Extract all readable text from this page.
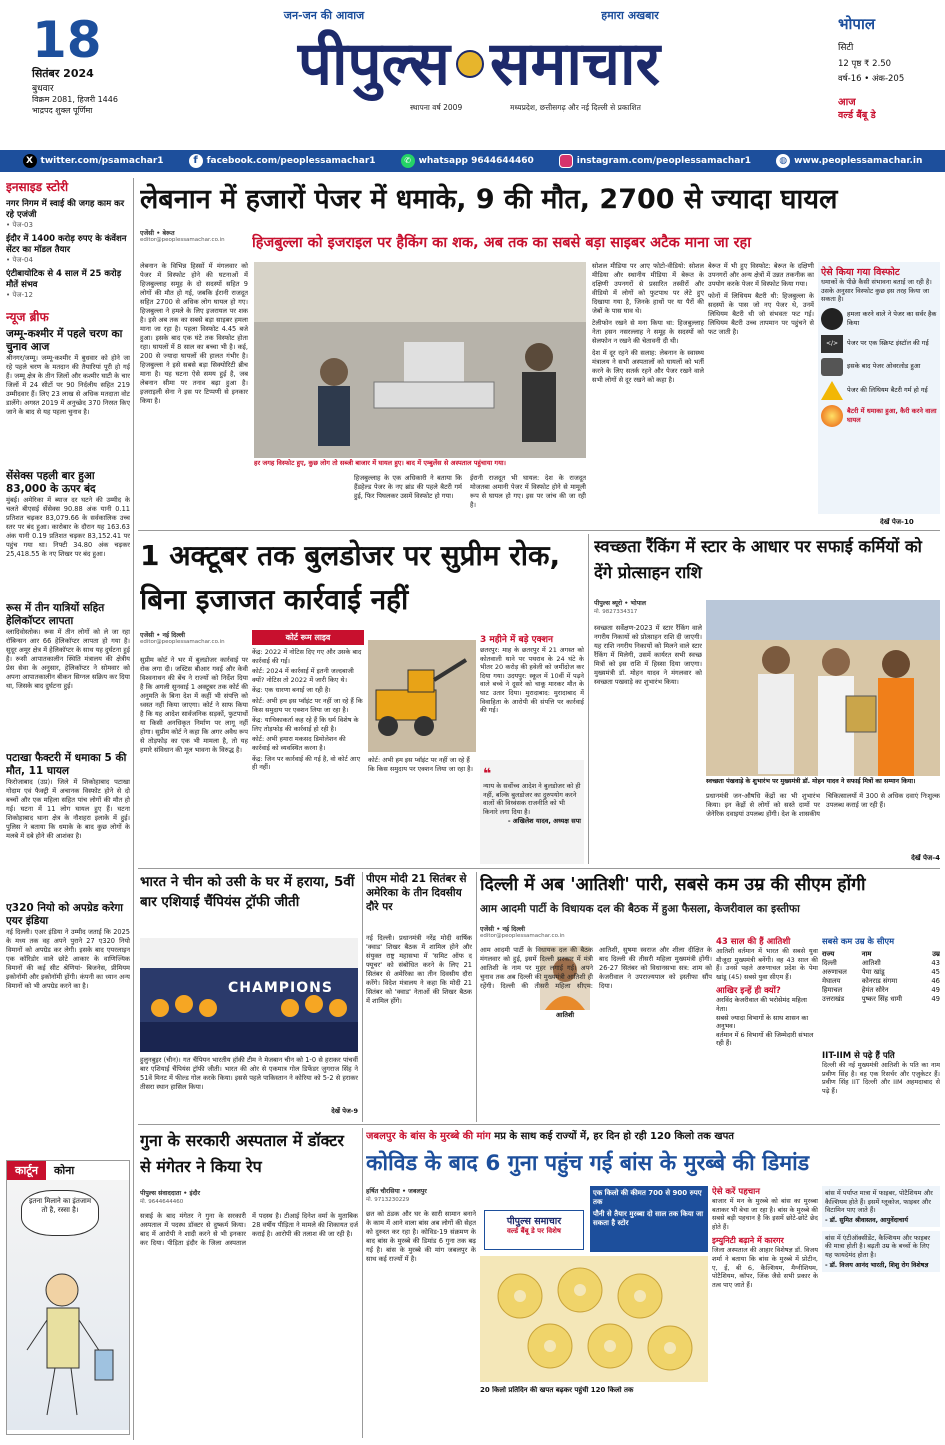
18
सितंबर 2024
बुधवार
विक्रम 2081, हिजरी 1446
भाद्रपद शुक्ल पूर्णिमा
जन-जन की आवाज	हमारा अखबार
पीपुल्स समाचार
स्थापना वर्ष 2009	मध्यप्रदेश, छत्तीसगढ़ और नई दिल्ली से प्रकाशित
भोपाल
सिटी
12 पृष्ठ ₹ 2.50
वर्ष-16 • अंक-205
आज
वर्ल्ड बैंबू डे
X twitter.com/psamachar1	f facebook.com/peoplessamachar1	✆ whatsapp 9644644460	instagram.com/peoplessamachar1	◍ www.peoplessamachar.in
इनसाइड स्टोरी
नगर निगम में स्वाई की जगह काम कर रहे एजंजी
• पेज-03
ईदौर में 1400 करोड़ रुपए के कंवेंशन सेंटर का मॉडल तैयार
• पेज-04
एंटीबायोटिक से 4 साल में 25 करोड़ मौतें संभव
• पेज-12
न्यूज ब्रीफ
जम्मू-कश्मीर में पहले चरण का चुनाव आज
श्रीनगर/जम्मू। जम्मू-कश्मीर में बुधवार को होने जा रहे पहले चरण के मतदान की तैयारियां पूरी हो गई हैं। जम्मू क्षेत्र के तीन जिलों और कश्मीर घाटी के चार जिलों में 24 सीटों पर 90 निर्दलीय सहित 219 उम्मीदवार हैं। लिए 23 लाख से अधिक मतदाता वोट डालेंगे। अगस्त 2019 में अनुच्छेद 370 निरस्त किए जाने के बाद से यह पहला चुनाव है।
सेंसेक्स पहली बार हुआ 83,000 के ऊपर बंद
मुंबई। अमेरिका में ब्याज दर घटने की उम्मीद के चलते बीएसई सेंसेक्स 90.88 अंक यानी 0.11 प्रतिशत चढ़कर 83,079.66 के सर्वकालिक उच्च स्तर पर बंद हुआ। कारोबार के दौरान यह 163.63 अंक यानी 0.19 प्रतिशत चढ़कर 83,152.41 पर पहुंच गया था। निफ्टी 34.80 अंक चढ़कर 25,418.55 के नए शिखर पर बंद हुआ।
रूस में तीन यात्रियों सहित हेलिकॉप्टर लापता
व्लादिवोस्तोक। रूस में तीन लोगों को ले जा रहा रॉबिन्सन आर 66 हेलिकॉप्टर लापता हो गया है। सुदूर अमूर क्षेत्र में हेलिकॉप्टर के साथ यह दुर्घटना हुई है। रूसी आपातकालीन स्थिति मंत्रालय की क्षेत्रीय प्रेस सेवा के अनुसार, हेलिकॉप्टर ने सोमवार को अपना आपातकालीन बीकन सिग्नल सक्रिय कर दिया था, जिसके बाद दुर्घटना हुई।
पटाखा फैक्टरी में धमाका 5 की मौत, 11 घायल
फिरोजाबाद (उप्र)। जिले में शिकोहाबाद पटाखा गोदाम एवं फैक्ट्री में अचानक विस्फोट होने से दो बच्चों और एक महिला सहित पांच लोगों की मौत हो गई। घटना में 11 लोग घायल हुए हैं। घटना शिकोहाबाद थाना क्षेत्र के नौशहरा इलाके में हुई। पुलिस ने बताया कि धमाके के बाद कुछ लोगों के मलबे में दबे होने की आशंका है।
ए320 नियो को अपग्रेड करेगा एयर इंडिया
नई दिल्ली। एअर इंडिया ने उम्मीद जताई कि 2025 के मध्य तक वह अपने पुराने 27 ए320 नियो विमानों को अपग्रेड कर लेगी। इसके बाद एयरलाइन एक कॉरिडोर वाले छोटे आकार के वाणिज्यिक विमानों की कई सीट श्रेणियां- बिजनेस, प्रीमियम इकोनॉमी और इकोनॉमी होंगी। कंपनी का ध्यान अन्य विमानों को भी अपग्रेड करने का है।
कार्टून	कोना
इतना मिलाने का इंतजाम तो है, रस्सा है।
लेबनान में हजारों पेजर में धमाके, 9 की मौत, 2700 से ज्यादा घायल
एजेंसी • बेरूत
editor@peoplessamachar.co.in	हिजबुल्ला को इजराइल पर हैकिंग का शक, अब तक का सबसे बड़ा साइबर अटैक माना जा रहा
लेबनान के विभिन्न हिस्सों में मंगलवार को पेजर में विस्फोट होने की घटनाओं में हिजबुल्लाह समूह के दो सदस्यों सहित 9 लोगों की मौत हो गई, जबकि ईरानी राजदूत सहित 2700 से अधिक लोग घायल हो गए। हिजबुल्ला ने हमले के लिए इजरायल पर शक है। इसे अब तक का सबसे बड़ा साइबर हमला माना जा रहा है। पहला विस्फोट 4.45 बजे हुआ। इसके बाद एक घंटे तक विस्फोट होता रहा। घायलों में 8 साल का बच्चा भी है। कई, 200 से ज्यादा घायलों की हालत गंभीर है। हिजबुल्ला ने इसे सबसे बड़ा सिक्योरिटी ब्रीच माना है। यह घटना ऐसे समय हुई है, जब लेबनान सीमा पर तनाव बढ़ा हुआ है। इजराइली सेना ने इस पर टिप्पणी से इनकार किया है।
हर जगह विस्फोट हुए, कुछ लोग तो सब्जी बाजार में घायल हुए। बाद में एम्बुलेंस से अस्पताल पहुंचाया गया।
हिजबुल्लाह के एक अधिकारी ने बताया कि हैंडहेल्ड पेजर के नए ब्रांड की पहले बैटरी गर्म हुई, फिर पिघलकर उसमें विस्फोट हो गया।
ईरानी राजदूत भी घायल: देश के राजदूत मोजतबा अमानी पेजर में विस्फोट होने से मामूली रूप से घायल हो गए। इस पर जांच की जा रही है।
सोशल मीडिया पर आए फोटो-वीडियो: सोशल मीडिया और स्थानीय मीडिया में बेरूत के दक्षिणी उपनगरों से प्रसारित तस्वीरों और वीडियो में लोगों को फुटपाथ पर लेटे हुए दिखाया गया है, जिनके हाथों पर या पैरों की जेबों के पास घाव थे।
टेलीफोन रखने से मना किया था: हिजबुल्लाह नेता हसन नसरल्लाह ने समूह के सदस्यों को सेलफोन न रखने की चेतावनी दी थी।
देश में दूर रहने की सलाह: लेबनान के स्वास्थ्य मंत्रालय ने सभी अस्पतालों को घायलों को भर्ती करने के लिए सतर्क रहने और पेजर रखने वाले सभी लोगों से दूर रखने को कहा है।
बेरूत में भी हुए विस्फोट: बेरूत के दक्षिणी उपनगरों और अन्य क्षेत्रों में उन्नत तकनीक का उपयोग करके पेजर में विस्फोट किया गया।
फोनों में लिथियम बैटरी थी: हिजबुल्ला के सदस्यों के पास जो नए पेजर थे, उनमें लिथियम बैटरी थी जो संभवतः फट गई। लिथियम बैटरी उच्च तापमान पर पहुंचने से फट जाती है।
ऐसे किया गया विस्फोट
धमाकों के पीछे कैसी संभावना बताई जा रही है। उसके अनुसार विस्फोट कुछ इस तरह किया जा सकता है।
हमला करने वाले ने पेजर का सर्वर हैक किया
</>	पेजर पर एक स्क्रिप्ट इंस्टॉल की गई
इसके बाद पेजर ओवरलोड हुआ
पेजर की लिथियम बैटरी गर्म हो गई
बैटरी में धमाका हुआ, कैरी करने वाला घायल
देखें पेज-10
1 अक्टूबर तक बुलडोजर पर सुप्रीम रोक, बिना इजाजत कार्रवाई नहीं
एजेंसी • नई दिल्ली
editor@peoplessamachar.co.in
सुप्रीम कोर्ट ने भर में बुलडोजर कार्रवाई पर रोक लगा दी। जस्टिस बीआर गवई और केवी विश्वनाथन की बेंच ने राज्यों को निर्देश दिया है कि अगली सुनवाई 1 अक्टूबर तक कोर्ट की अनुमति के बिना देश में कहीं भी संपत्ति को ध्वस्त नहीं किया जाएगा। कोर्ट ने साफ किया है कि यह आदेश सार्वजनिक सड़कों, फुटपाथों या किसी अनधिकृत निर्माण पर लागू नहीं होगा। सुप्रीम कोर्ट ने कहा कि अगर अवैध रूप से तोड़फोड़ का एक भी मामला है, तो यह हमारे संविधान की मूल भावना के विरुद्ध है।
कोर्ट रूम लाइव
केंद्र: 2022 में नोटिस दिए गए और उसके बाद कार्रवाई की गई।
कोर्ट: 2024 में कार्रवाई में इतनी जल्दबाजी क्यों? नोटिस तो 2022 में जारी किए थे।
केंद्र: एक धारणा बनाई जा रही है।
कोर्ट: अभी हम इस प्वॉइंट पर नहीं जा रहे हैं कि किस समुदाय पर एक्शन लिया जा रहा है।
केंद्र: याचिकाकर्ता कह रहे हैं कि धर्म विशेष के लिए तोड़फोड़ की कार्रवाई हो रही है।
कोर्ट: अभी हमारा मकसद डिमोलेशन की कार्रवाई को व्यवस्थित करना है।
केंद्र: जिन पर कार्रवाई की गई है, वो कोर्ट आए ही नहीं।
3 महीने में बड़े एक्शन
छतरपुर: माह के छतरपुर में 21 अगस्त को कोतवाली थाने पर पथराव के 24 घंटे के भीतर 20 करोड़ की हवेली को जमींदोज कर दिया गया। उदयपुर: स्कूल में 10वीं में पढ़ने वाले बच्चे ने दूसरे को चाकू मारकर मौत के घाट उतार दिया। मुरादाबाद: मुरादाबाद में विवाहिता के आरोपी की संपत्ति पर कार्रवाई की गई।
❝
न्याय के सर्वोच्च आदेश ने बुलडोजर को ही नहीं, बल्कि बुलडोजर का दुरुपयोग करने वालों की विध्वंसक राजनीति को भी किनारे लगा दिया है।
- अखिलेश यादव, अध्यक्ष सपा
कोर्ट: अभी हम इस प्वॉइंट पर नहीं जा रहे हैं कि किस समुदाय पर एक्शन लिया जा रहा है।
स्वच्छता रैंकिंग में स्टार के आधार पर सफाई कर्मियों को देंगे प्रोत्साहन राशि
पीपुल्स ब्यूरो • भोपाल
मो. 9827334317
स्वच्छता सर्वेक्षण-2023 में स्टार रैंकिंग वाले नगरीय निकायों को प्रोत्साहन राशि दी जाएगी। यह राशि नगरीय निकायों को मिलने वाले स्टार रैंकिंग में मिलेगी, उसमें कार्यरत सभी स्वच्छ मित्रों को इस राशि में हिस्सा दिया जाएगा। मुख्यमंत्री डॉ. मोहन यादव ने मंगलवार को स्वच्छता पखवाड़े का शुभारंभ किया।
स्वच्छता पंखवाड़े के शुभारंभ पर मुख्यमंत्री डॉ. मोहन यादव ने सफाई मित्रों का सम्मान किया।
प्रधानमंत्री जन-औषधि केंद्रों का भी शुभारंभ किया। इन केंद्रों से लोगों को सस्ते दामों पर जेनेरिक दवाइयां उपलब्ध होंगी। देश के शासकीय चिकित्सालयों में 300 से अधिक दवाएं निःशुल्क उपलब्ध कराई जा रही हैं।
देखें पेज-4
भारत ने चीन को उसी के घर में हराया, 5वीं बार एशियाई चैंपियंस ट्रॉफी जीती
CHAMPIONS
हुलुनबुइर (चीन)। गत चैंपियन भारतीय हॉकी टीम ने मेजबान चीन को 1-0 से हराकर पांचवीं बार एशियाई चैंपियंस ट्रॉफी जीती। भारत की ओर से एकमात्र गोल डिफेंडर जुगराज सिंह ने 51वें मिनट में फील्ड गोल करके किया। इससे पहले पाकिस्तान ने कोरिया को 5-2 से हराकर तीसरा स्थान हासिल किया।
देखें पेज-9
पीएम मोदी 21 सितंबर से अमेरिका के तीन दिवसीय दौरे पर
नई दिल्ली। प्रधानमंत्री नरेंद्र मोदी वार्षिक 'क्वाड' शिखर बैठक में शामिल होने और संयुक्त राष्ट्र महासभा में 'समिट ऑफ द फ्यूचर' को संबोधित करने के लिए 21 सितंबर से अमेरिका का तीन दिवसीय दौरा करेंगे। विदेश मंत्रालय ने कहा कि मोदी 21 सितंबर को 'क्वाड' नेताओं की शिखर बैठक में शामिल होंगे।
दिल्ली में अब 'आतिशी' पारी, सबसे कम उम्र की सीएम होंगी
आम आदमी पार्टी के विधायक दल की बैठक में हुआ फैसला, केजरीवाल का इस्तीफा
एजेंसी • नई दिल्ली
editor@peoplessamachar.co.in
आतिशी
आम आदमी पार्टी के विधायक दल की बैठक मंगलवार को हुई, इसमें दिल्ली सरकार में मंत्री आतिशी के नाम पर मुहर लगाई गई। अपने चुनाव तक अब दिल्ली की मुख्यमंत्री आतिशी ही रहेंगी। दिल्ली की तीसरी महिला सीएम: आतिशी, सुषमा स्वराज और शीला दीक्षित के बाद दिल्ली की तीसरी महिला मुख्यमंत्री होंगी। 26-27 सितंबर को विधानसभा सत्र: शाम को केजरीवाल ने उपराज्यपाल को इस्तीफा सौंप दिया।
43 साल की हैं आतिशी
आतिशी वर्तमान में भारत की सबसे युवा मौजूदा मुख्यमंत्री बनेंगी। वह 43 साल की हैं। उनसे पहले अरुणाचल प्रदेश के पेमा खांडू (45) सबसे युवा सीएम हैं।
आखिर इन्हें ही क्यों?
अरविंद केजरीवाल की भरोसेमंद महिला नेता।
सबसे ज्यादा विभागों के साथ शासन का अनुभव।
वर्तमान में 6 विभागों की जिम्मेदारी संभाल रही हैं।
सबसे कम उम्र के सीएम
राज्य	नाम	उम्र
दिल्ली	आतिशी	43
अरुणाचल	पेमा खांडू	45
मेघालय	कोनराड संगमा	46
हिमाचल	हेमंत सोरेन	49
उत्तराखंड	पुष्कर सिंह धामी	49
IIT-IIM से पढ़े हैं पति
दिल्ली की नई मुख्यमंत्री आतिशी के पति का नाम प्रवीण सिंह है। वह एक रिसर्चर और एजुकेटर हैं। प्रवीण सिंह IIT दिल्ली और IIM अहमदाबाद से पढ़े हैं।
गुना के सरकारी अस्पताल में डॉक्टर से मंगेतर ने किया रेप
पीपुल्स संवाददाता • इंदौर
मो. 9644644460
सत्राई के बाद मंगेतर ने गुना के सरकारी अस्पताल में पदस्थ डॉक्टर से दुष्कर्म किया। बाद में आरोपी ने शादी करने से भी इनकार कर दिया। पीड़िता इंदौर के जिला अस्पताल में पदस्थ है। टीआई दिनेश वर्मा के मुताबिक 28 वर्षीय पीड़िता ने मामले की शिकायत दर्ज कराई है। आरोपी की तलाश की जा रही है।
जबलपुर के बांस के मुरब्बे की मांग मप्र के साथ कई राज्यों में, हर दिन हो रही 120 किलो तक खपत
कोविड के बाद 6 गुना पहुंच गई बांस के मुरब्बे की डिमांड
हर्षित चौरसिया • जबलपुर
मो. 9713230229
छत को ठंडक और घर के सारी सामान बनाने के काम में आने वाला बांस अब लोगों की सेहत को दुरुस्त कर रहा है। कोविड-19 संक्रमण के बाद बांस के मुरब्बे की डिमांड 6 गुना तक बढ़ गई है। बांस के मुरब्बे की मांग जबलपुर के साथ कई राज्यों में है।
एक किलो की कीमत 700 से 900 रुपए तक
पौनी से तैयार मुरब्बा दो साल तक किया जा सकता है स्टोर
पीपुल्स समाचार
वर्ल्ड बैंबू डे पर विशेष
20 किलो प्रतिदिन की खपत बढ़कर पहुंची 120 किलो तक
ऐसे करें पहचान
बाजार में मन के मुरब्बे को बांस का मुरब्बा बताकर भी बेचा जा रहा है। बांस के मुरब्बे की सबसे बड़ी पहचान है कि इसमें छोटे-छोटे छेद होते हैं।
इम्युनिटी बढ़ाने में कारगर
जिला अस्पताल की आहार विशेषज्ञ डॉ. विजय शर्मा ने बताया कि बांस के मुरब्बे में प्रोटीन, ए, ई, बी 6, कैल्शियम, मैग्नीशियम, पोटैशियम, कॉपर, जिंक जैसे सभी प्रकार के तत्व पाए जाते हैं।
बांस में पर्याप्त मात्रा में फाइबर, पोटैशियम और कैल्शियम होते हैं। इसमें ग्लूकोज, फाइबर और विटामिन पाए जाते हैं।
- डॉ. सुमित श्रीवास्तव, आयुर्वेदाचार्य
बांस में एंटीऑक्सीडेंट, कैल्शियम और फाइबर की मात्रा होती है। बढ़ती उम्र के बच्चों के लिए यह फायदेमंद होता है।
- डॉ. विजय आनंद भारती, शिशु रोग विशेषज्ञ
